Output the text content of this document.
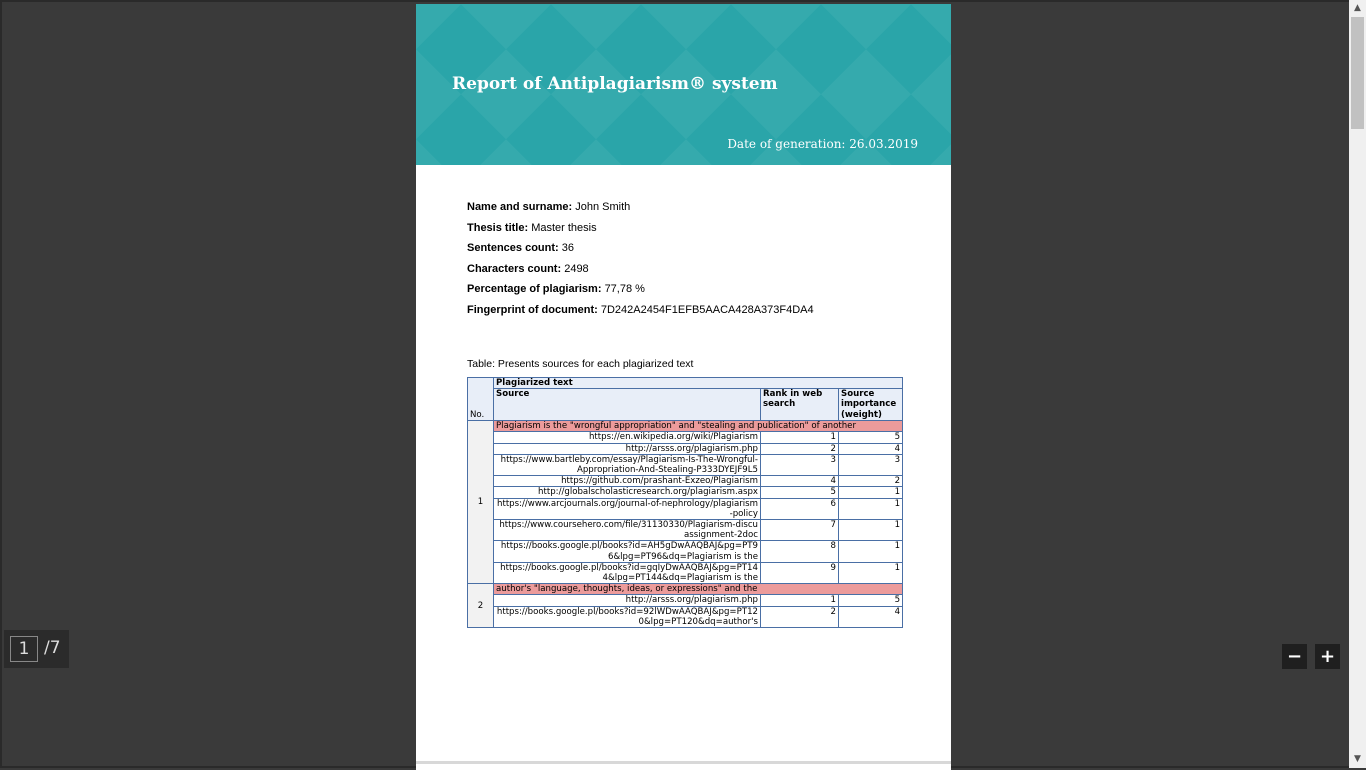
Report of Antiplagiarism® system
Date of generation: 26.03.2019
Name and surname: John Smith
Thesis title: Master thesis
Sentences count: 36
Characters count: 2498
Percentage of plagiarism: 77,78 %
Fingerprint of document: 7D242A2454F1EFB5AACA428A373F4DA4
Table: Presents sources for each plagiarized text
No.	Plagiarized text		
	Source	Rank in web search	Source importance (weight)
1	Plagiarism is the "wrongful appropriation" and "stealing and publication" of another		
	https://en.wikipedia.org/wiki/Plagiarism	1	5
	http://arsss.org/plagiarism.php	2	4
	https://www.bartleby.com/essay/Plagiarism-Is-The-Wrongful-Appropriation-And-Stealing-P333DYEJF9L5	3	3
	https://github.com/prashant-Exzeo/Plagiarism	4	2
	http://globalscholasticresearch.org/plagiarism.aspx	5	1
	https://www.arcjournals.org/journal-of-nephrology/plagiarism-policy	6	1
	https://www.coursehero.com/file/31130330/Plagiarism-discuassignment-2doc	7	1
	https://books.google.pl/books?id=AH5gDwAAQBAJ&pg=PT96&lpg=PT96&dq=Plagiarism is the	8	1
	https://books.google.pl/books?id=gqIyDwAAQBAJ&pg=PT144&lpg=PT144&dq=Plagiarism is the	9	1
2	author's "language, thoughts, ideas, or expressions" and the		
	http://arsss.org/plagiarism.php	1	5
	https://books.google.pl/books?id=92lWDwAAQBAJ&pg=PT120&lpg=PT120&dq=author's	2	4
▲
▼
1
/7	− +
